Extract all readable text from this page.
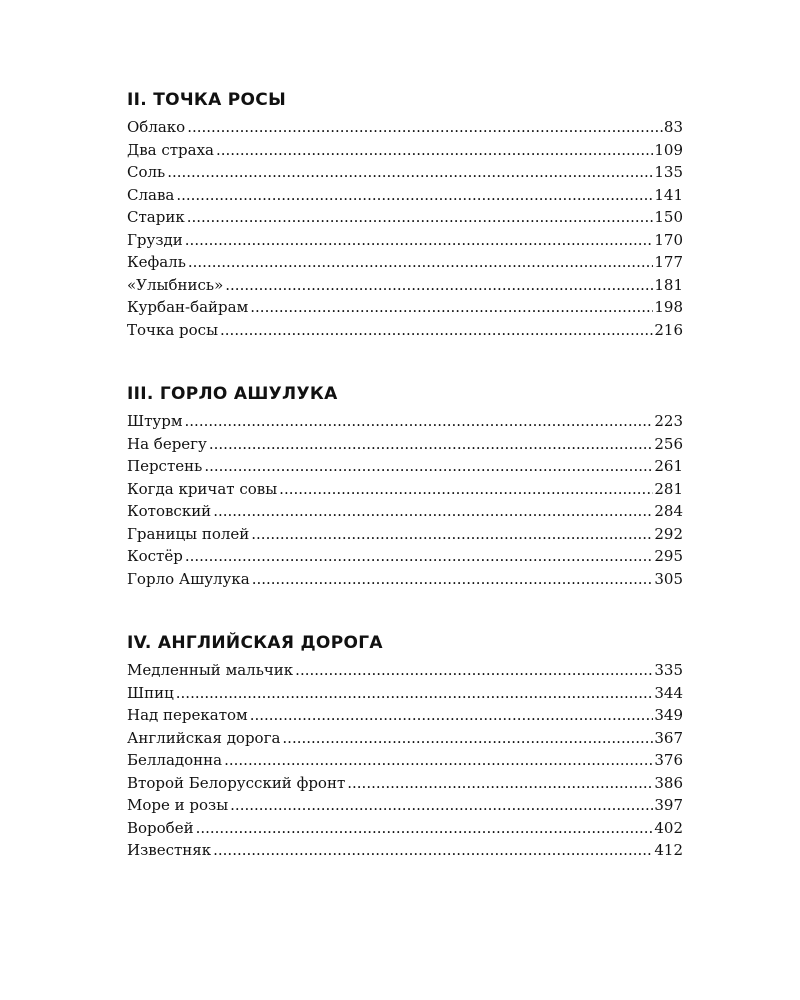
II. ТОЧКА РОСЫ
Облако .....	83
Два страха .....	109
Соль .....	135
Слава .....	141
Старик .....	150
Грузди .....	170
Кефаль .....	177
«Улыбнись» .....	181
Курбан-байрам .....	198
Точка росы .....	216
III. ГОРЛО АШУЛУКА
Штурм .....	223
На берегу .....	256
Перстень .....	261
Когда кричат совы .....	281
Котовский .....	284
Границы полей .....	292
Костёр .....	295
Горло Ашулука .....	305
IV. АНГЛИЙСКАЯ ДОРОГА
Медленный мальчик .....	335
Шпиц .....	344
Над перекатом .....	349
Английская дорога .....	367
Белладонна .....	376
Второй Белорусский фронт .....	386
Море и розы .....	397
Воробей .....	402
Известняк .....	412
